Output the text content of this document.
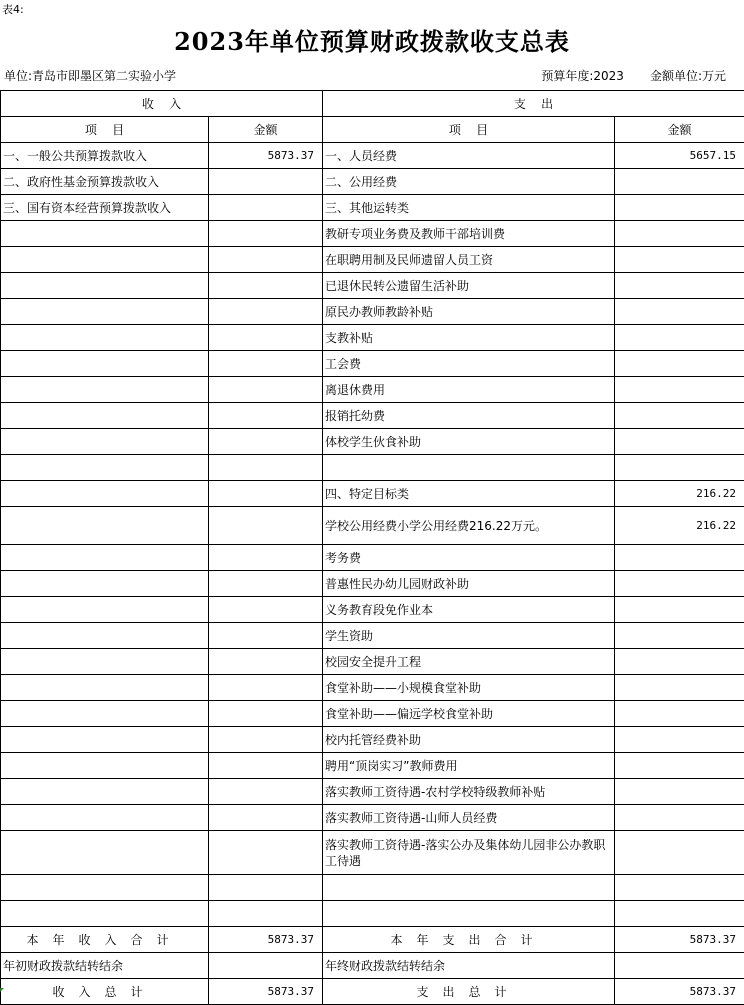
表4:
2023年单位预算财政拨款收支总表
单位:青岛市即墨区第二实验小学	预算年度:2023 金额单位:万元
收    入		支    出	
项    目	金额	项    目	金额
一、一般公共预算拨款收入	5873.37	一、人员经费	5657.15
二、政府性基金预算拨款收入		二、公用经费	
三、国有资本经营预算拨款收入		三、其他运转类	
		教研专项业务费及教师干部培训费	
		在职聘用制及民师遗留人员工资	
		已退休民转公遗留生活补助	
		原民办教师教龄补贴	
		支教补贴	
		工会费	
		离退休费用	
		报销托幼费	
		体校学生伙食补助	

		四、特定目标类	216.22
		学校公用经费小学公用经费216.22万元。	216.22
		考务费	
		普惠性民办幼儿园财政补助	
		义务教育段免作业本	
		学生资助	
		校园安全提升工程	
		食堂补助——小规模食堂补助	
		食堂补助——偏远学校食堂补助	
		校内托管经费补助	
		聘用“顶岗实习”教师费用	
		落实教师工资待遇-农村学校特级教师补贴	
		落实教师工资待遇-山师人员经费	
		落实教师工资待遇-落实公办及集体幼儿园非公办教职工待遇	

本年收入合计	5873.37	本年支出合计	5873.37
年初财政拨款结转结余		年终财政拨款结转结余	
收入总计	5873.37	支出总计	5873.37
